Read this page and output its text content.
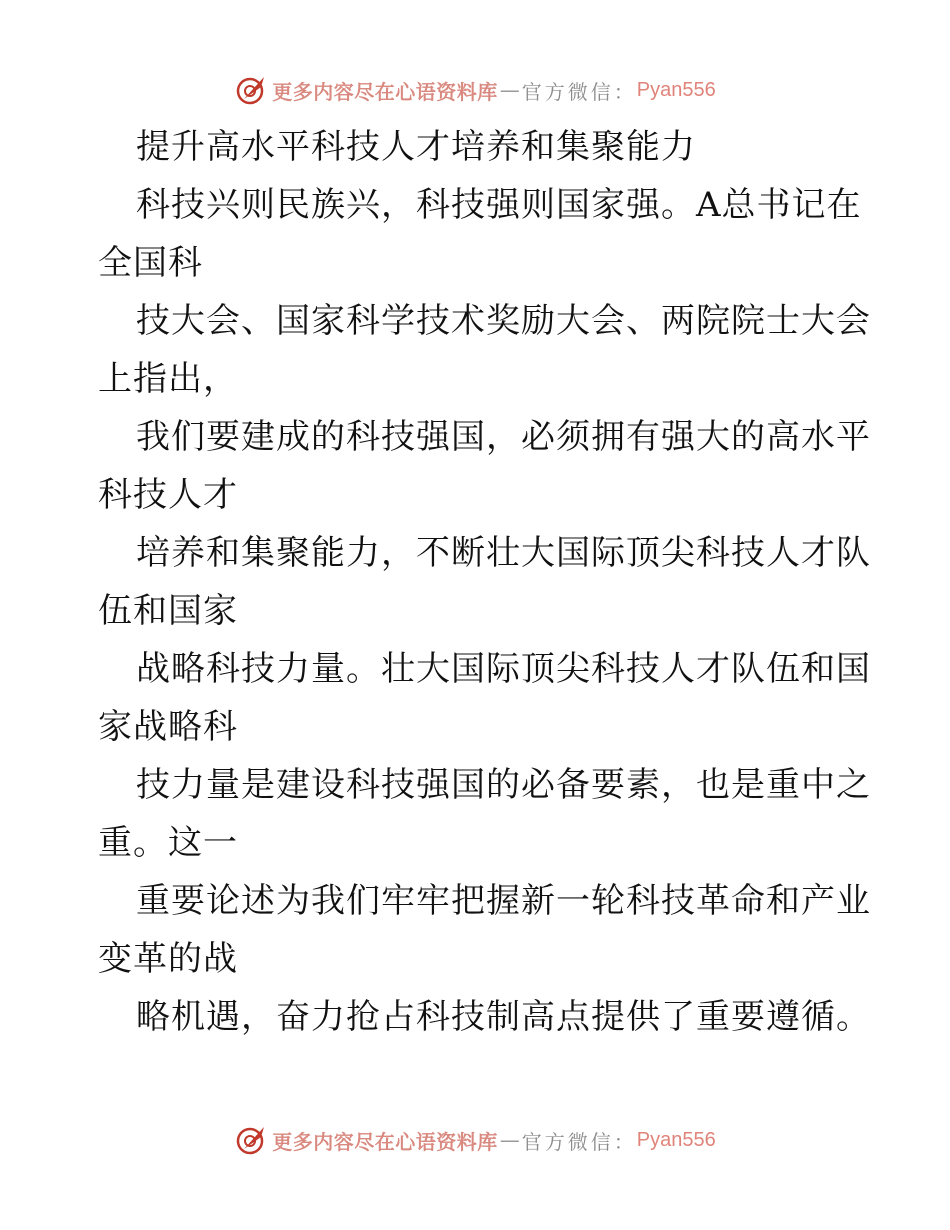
更多内容尽在心语资料库 — 官方微信： Pyan556
提升高水平科技人才培养和集聚能力
科技兴则民族兴，科技强则国家强。A总书记在
全国科
技大会、国家科学技术奖励大会、两院院士大会
上指出，
我们要建成的科技强国，必须拥有强大的高水平
科技人才
培养和集聚能力，不断壮大国际顶尖科技人才队
伍和国家
战略科技力量。壮大国际顶尖科技人才队伍和国
家战略科
技力量是建设科技强国的必备要素，也是重中之
重。这一
重要论述为我们牢牢把握新一轮科技革命和产业
变革的战
略机遇，奋力抢占科技制高点提供了重要遵循。
更多内容尽在心语资料库 — 官方微信： Pyan556
